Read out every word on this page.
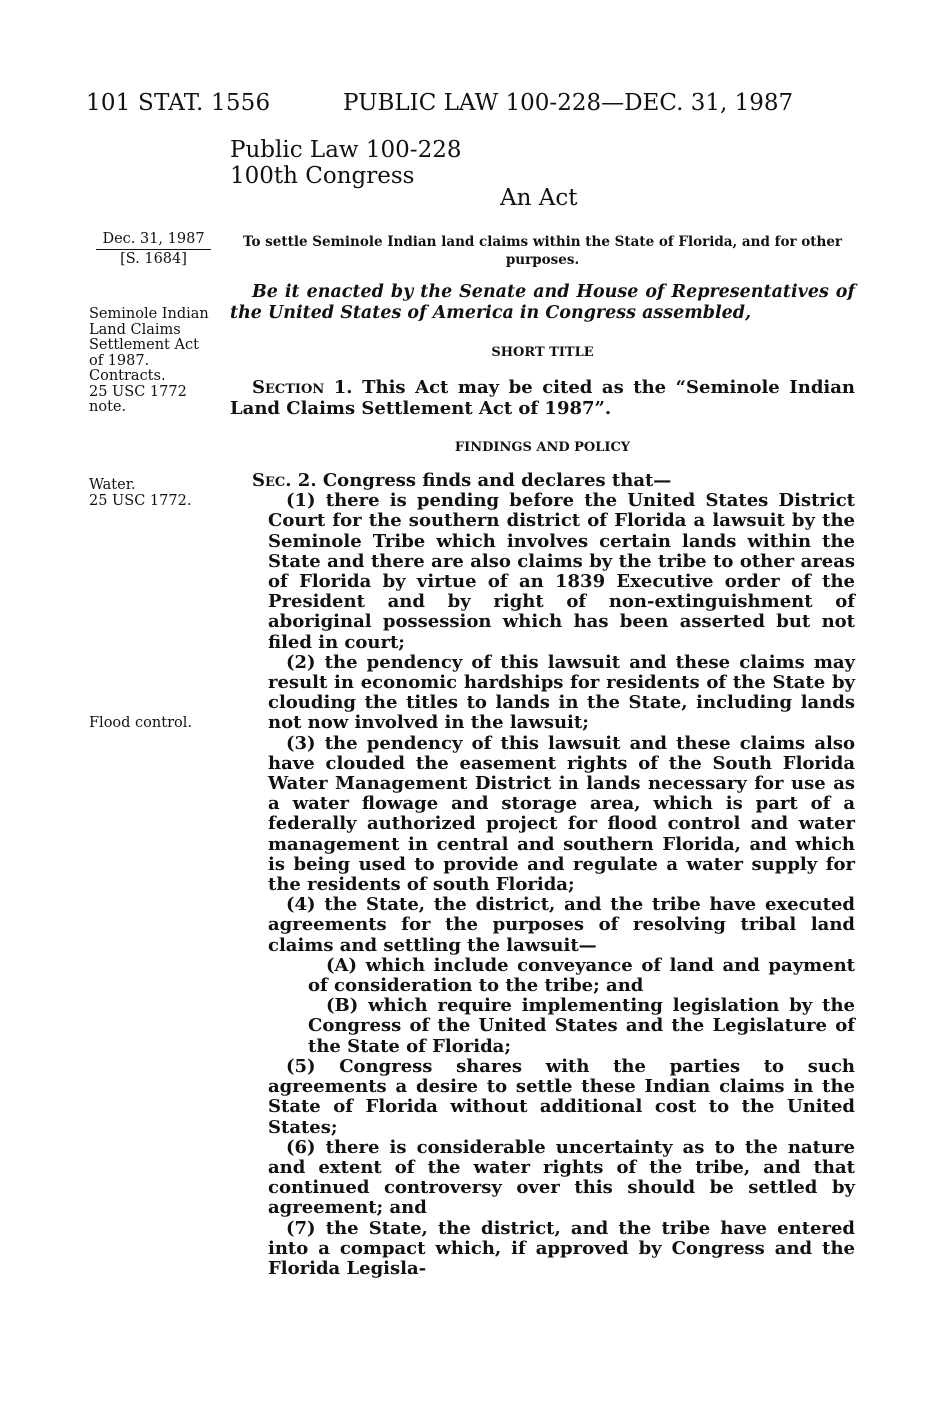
101 STAT. 1556	PUBLIC LAW 100-228—DEC. 31, 1987
Public Law 100-228
100th Congress
An Act
Dec. 31, 1987
[S. 1684]
To settle Seminole Indian land claims within the State of Florida, and for other purposes.
Be it enacted by the Senate and House of Representatives of the United States of America in Congress assembled,
Seminole Indian
Land Claims
Settlement Act
of 1987.
Contracts.
25 USC 1772
note.
Water.
25 USC 1772.
Flood control.
SHORT TITLE
Section 1. This Act may be cited as the “Seminole Indian Land Claims Settlement Act of 1987”.
FINDINGS AND POLICY

Sec. 2. Congress finds and declares that—

(1) there is pending before the United States District Court for the southern district of Florida a lawsuit by the Seminole Tribe which involves certain lands within the State and there are also claims by the tribe to other areas of Florida by virtue of an 1839 Executive order of the President and by right of non-extinguishment of aboriginal possession which has been asserted but not filed in court;

(2) the pendency of this lawsuit and these claims may result in economic hardships for residents of the State by clouding the titles to lands in the State, including lands not now involved in the lawsuit;

(3) the pendency of this lawsuit and these claims also have clouded the easement rights of the South Florida Water Management District in lands necessary for use as a water flowage and storage area, which is part of a federally authorized project for flood control and water management in central and southern Florida, and which is being used to provide and regulate a water supply for the residents of south Florida;

(4) the State, the district, and the tribe have executed agreements for the purposes of resolving tribal land claims and settling the lawsuit—

(A) which include conveyance of land and payment of consideration to the tribe; and

(B) which require implementing legislation by the Congress of the United States and the Legislature of the State of Florida;

(5) Congress shares with the parties to such agreements a desire to settle these Indian claims in the State of Florida without additional cost to the United States;

(6) there is considerable uncertainty as to the nature and extent of the water rights of the tribe, and that continued controversy over this should be settled by agreement; and

(7) the State, the district, and the tribe have entered into a compact which, if approved by Congress and the Florida Legisla-
